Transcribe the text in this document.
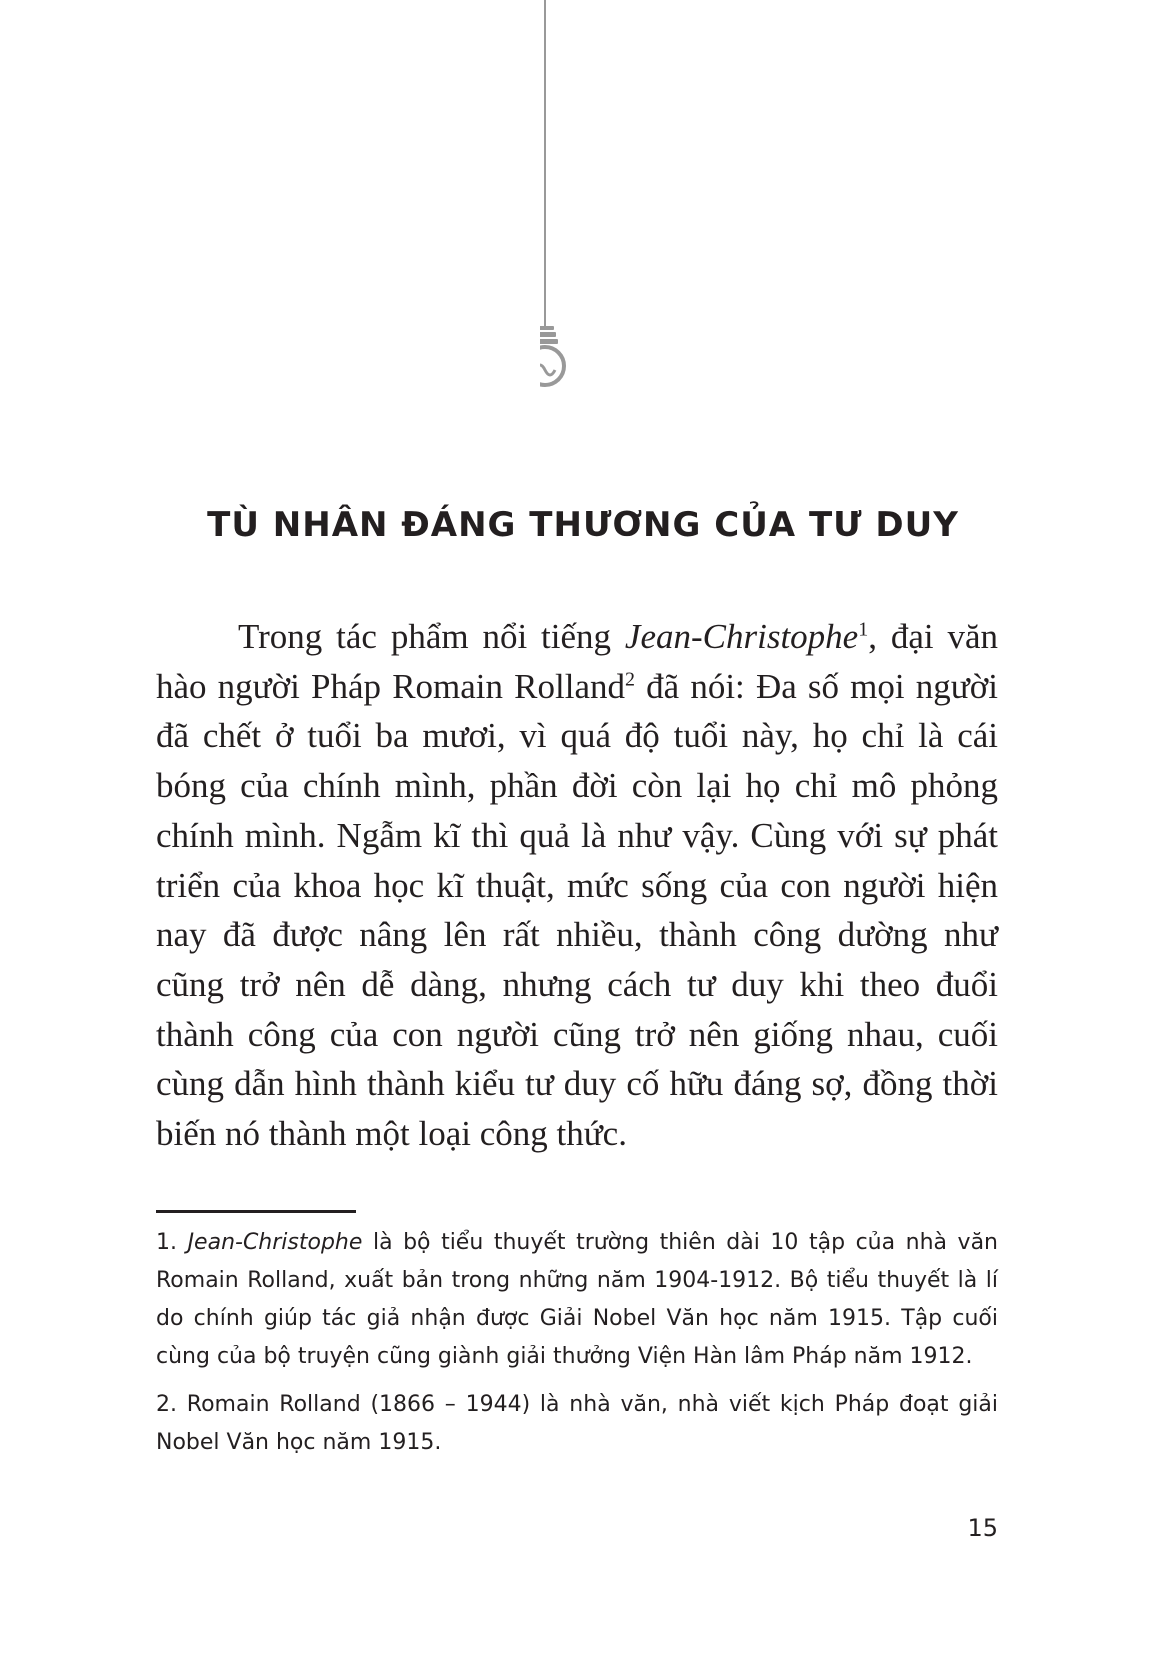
TÙ NHÂN ĐÁNG THƯƠNG CỦA TƯ DUY
Trong tác phẩm nổi tiếng Jean-Christophe$^1$, đại văn hào người Pháp Romain Rolland$^2$ đã nói: Đa số mọi người đã chết ở tuổi ba mươi, vì quá độ tuổi này, họ chỉ là cái bóng của chính mình, phần đời còn lại họ chỉ mô phỏng chính mình. Ngẫm kĩ thì quả là như vậy. Cùng với sự phát triển của khoa học kĩ thuật, mức sống của con người hiện nay đã được nâng lên rất nhiều, thành công dường như cũng trở nên dễ dàng, nhưng cách tư duy khi theo đuổi thành công của con người cũng trở nên giống nhau, cuối cùng dẫn hình thành kiểu tư duy cố hữu đáng sợ, đồng thời biến nó thành một loại công thức.

1. Jean-Christophe là bộ tiểu thuyết trường thiên dài 10 tập của nhà văn Romain Rolland, xuất bản trong những năm 1904-1912. Bộ tiểu thuyết là lí do chính giúp tác giả nhận được Giải Nobel Văn học năm 1915. Tập cuối cùng của bộ truyện cũng giành giải thưởng Viện Hàn lâm Pháp năm 1912.

2. Romain Rolland (1866 – 1944) là nhà văn, nhà viết kịch Pháp đoạt giải Nobel Văn học năm 1915.

15
